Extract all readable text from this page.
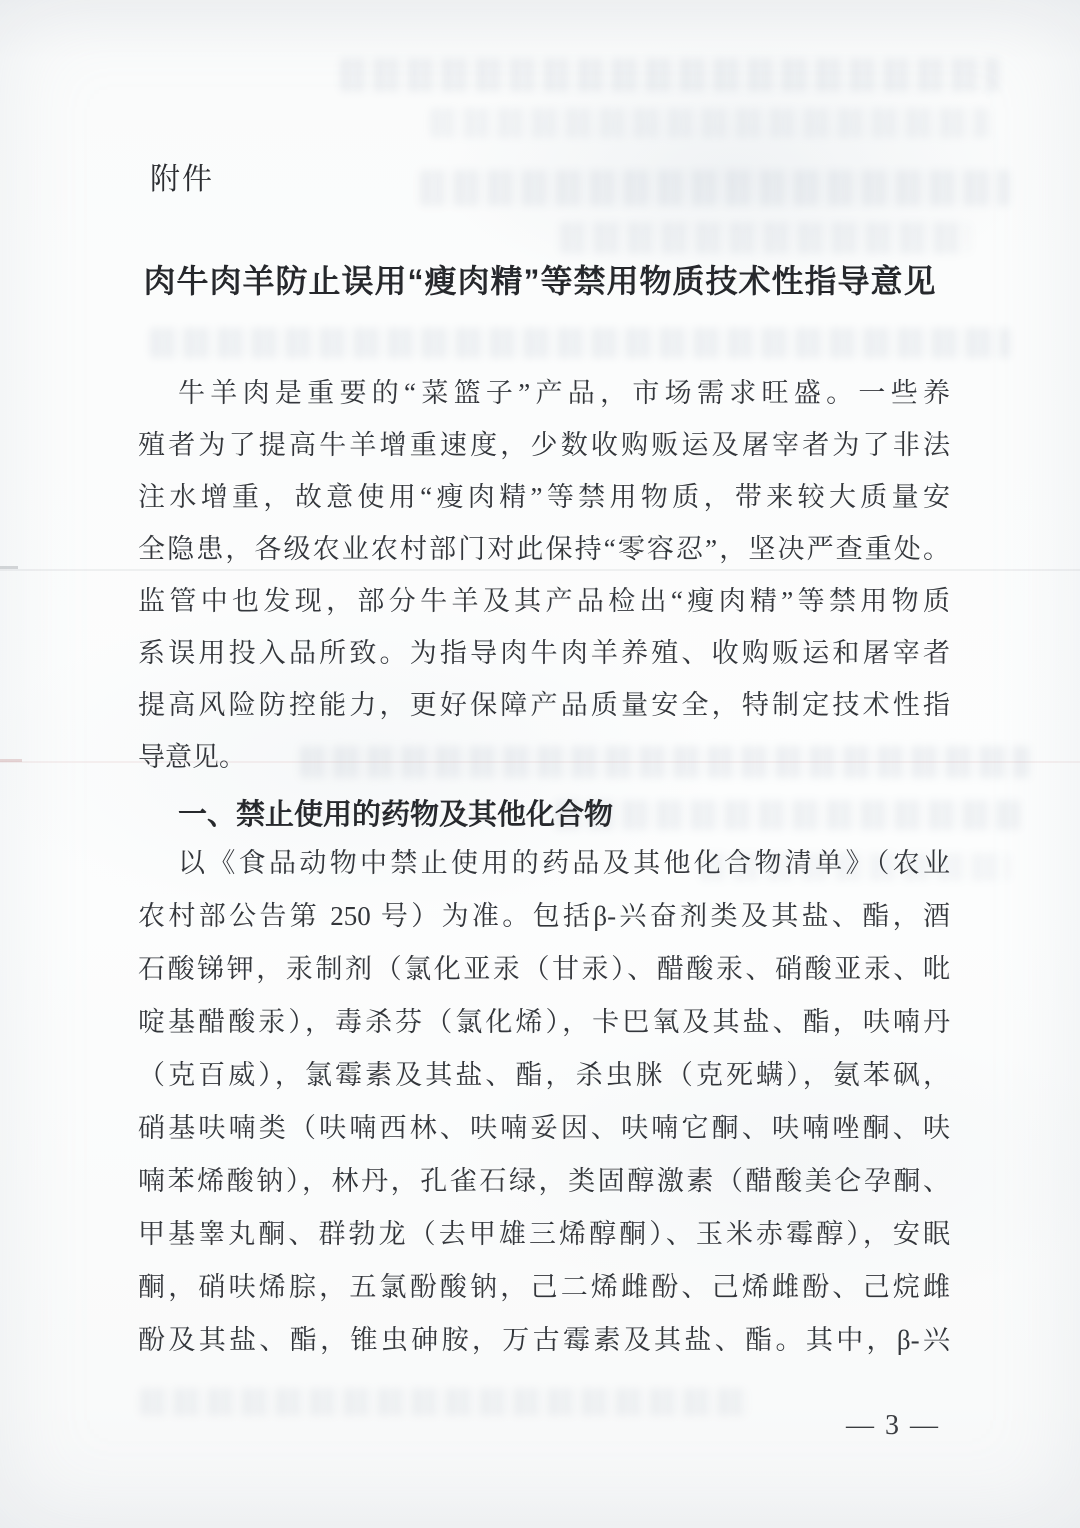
附件
肉牛肉羊防止误用“瘦肉精”等禁用物质技术性指导意见
牛羊肉是重要的“菜篮子”产品，市场需求旺盛。一些养
殖者为了提高牛羊增重速度，少数收购贩运及屠宰者为了非法
注水增重，故意使用“瘦肉精”等禁用物质，带来较大质量安
全隐患，各级农业农村部门对此保持“零容忍”，坚决严查重处。
监管中也发现，部分牛羊及其产品检出“瘦肉精”等禁用物质
系误用投入品所致。为指导肉牛肉羊养殖、收购贩运和屠宰者
提高风险防控能力，更好保障产品质量安全，特制定技术性指
导意见。
一、禁止使用的药物及其他化合物
以《食品动物中禁止使用的药品及其他化合物清单》（农业
农村部公告第 250 号）为准。包括β-兴奋剂类及其盐、酯，酒
石酸锑钾，汞制剂（氯化亚汞（甘汞）、醋酸汞、硝酸亚汞、吡
啶基醋酸汞），毒杀芬（氯化烯），卡巴氧及其盐、酯，呋喃丹
（克百威），氯霉素及其盐、酯，杀虫脒（克死螨），氨苯砜，
硝基呋喃类（呋喃西林、呋喃妥因、呋喃它酮、呋喃唑酮、呋
喃苯烯酸钠），林丹，孔雀石绿，类固醇激素（醋酸美仑孕酮、
甲基睾丸酮、群勃龙（去甲雄三烯醇酮）、玉米赤霉醇），安眠
酮，硝呋烯腙，五氯酚酸钠，己二烯雌酚、己烯雌酚、己烷雌
酚及其盐、酯，锥虫砷胺，万古霉素及其盐、酯。其中，β-兴
— 3 —
